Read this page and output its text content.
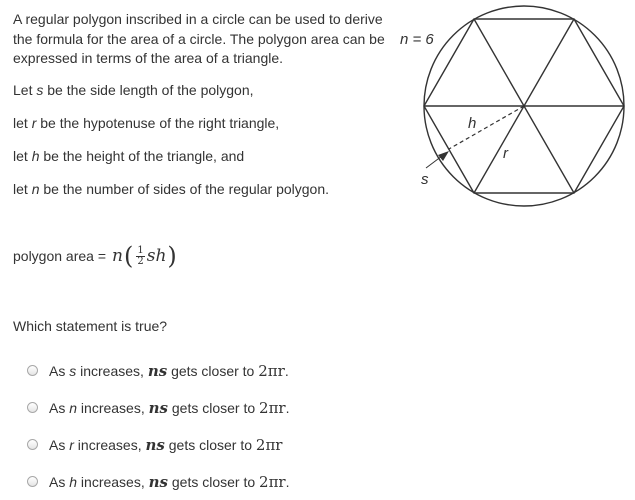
A regular polygon inscribed in a circle can be used to derive the formula for the area of a circle. The polygon area can be expressed in terms of the area of a triangle.

Let s be the side length of the polygon,

let r be the hypotenuse of the right triangle,

let h be the height of the triangle, and

let n be the number of sides of the regular polygon.

polygon area = n ( $\frac{1}{2}$ sh )

Which statement is true?

As s increases, ns gets closer to 2πr.
As n increases, ns gets closer to 2πr.
As r increases, ns gets closer to 2πr
As h increases, ns gets closer to 2πr.
n = 6
h
r
s
